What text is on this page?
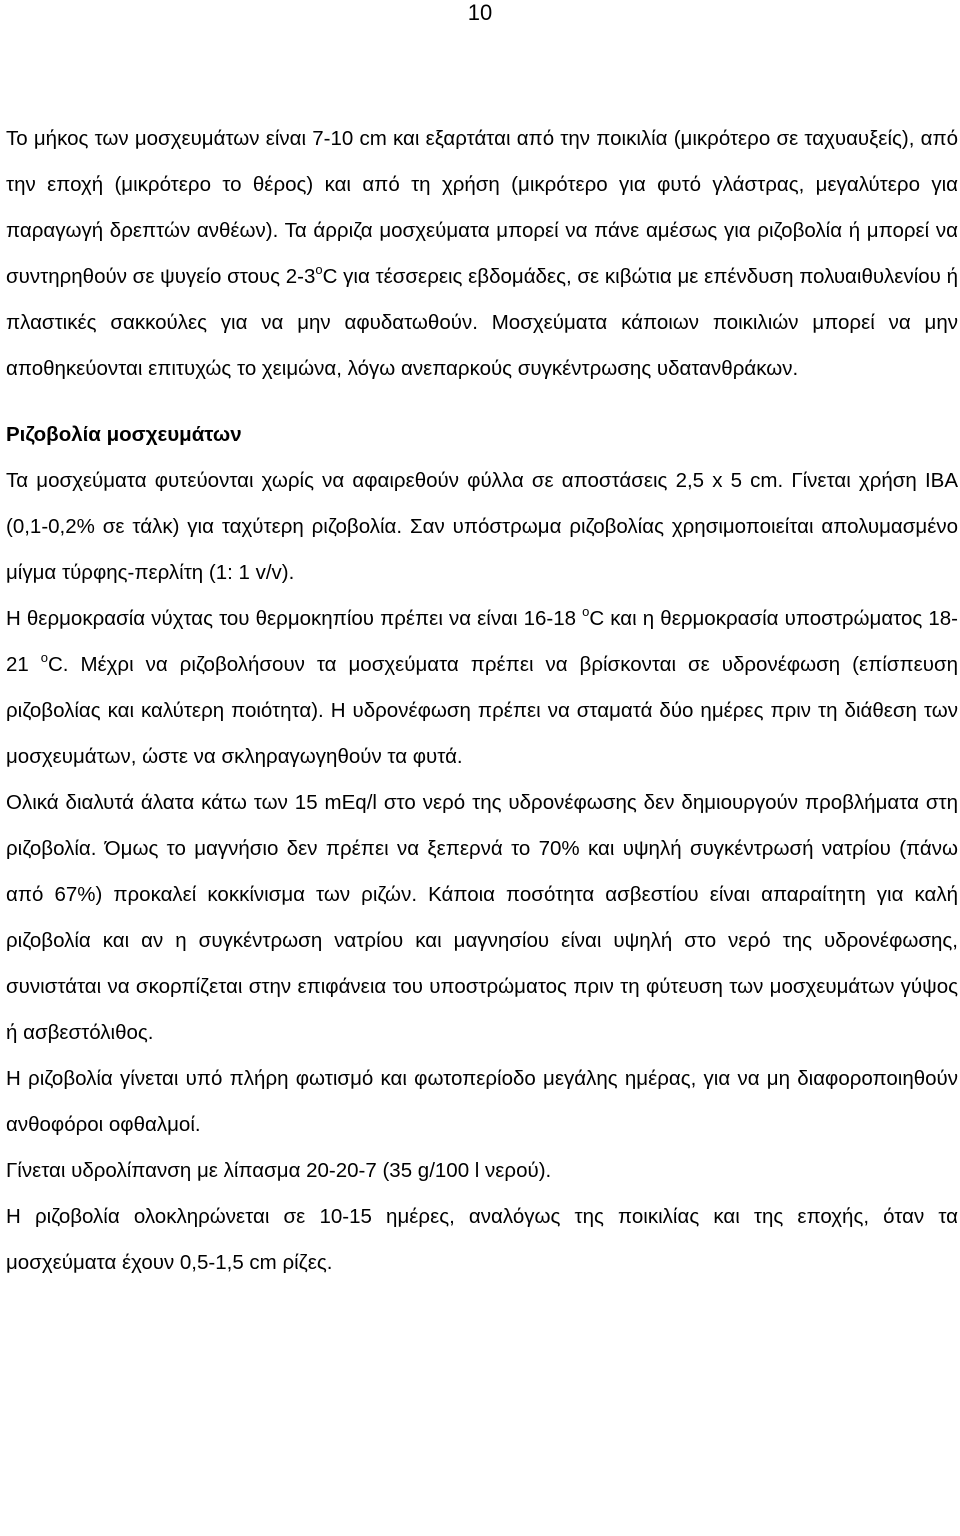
10

Το μήκος των μοσχευμάτων είναι 7-10 cm και εξαρτάται από την ποικιλία (μικρότερο σε ταχυαυξείς), από την εποχή (μικρότερο το θέρος) και από τη χρήση (μικρότερο για φυτό γλάστρας, μεγαλύτερο για παραγωγή δρεπτών ανθέων). Τα άρριζα μοσχεύματα μπορεί να πάνε αμέσως για ριζοβολία ή μπορεί να συντηρηθούν σε ψυγείο στους $2-3^oC$ για τέσσερεις εβδομάδες, σε κιβώτια με επένδυση πολυαιθυλενίου ή πλαστικές σακκούλες για να μην αφυδατωθούν. Μοσχεύματα κάποιων ποικιλιών μπορεί να μην αποθηκεύονται επιτυχώς το χειμώνα, λόγω ανεπαρκούς συγκέντρωσης υδατανθράκων.

Ριζοβολία μοσχευμάτων

Τα μοσχεύματα φυτεύονται χωρίς να αφαιρεθούν φύλλα σε αποστάσεις 2,5 x 5 cm. Γίνεται χρήση IBA (0,1-0,2% σε τάλκ) για ταχύτερη ριζοβολία. Σαν υπόστρωμα ριζοβολίας χρησιμοποιείται απολυμασμένο μίγμα τύρφης-περλίτη (1: 1 v/v).

Η θερμοκρασία νύχτας του θερμοκηπίου πρέπει να είναι 16-18 $^o$C και η θερμοκρασία υποστρώματος 18-21 $^o$C. Μέχρι να ριζοβολήσουν τα μοσχεύματα πρέπει να βρίσκονται σε υδρονέφωση (επίσπευση ριζοβολίας και καλύτερη ποιότητα). Η υδρονέφωση πρέπει να σταματά δύο ημέρες πριν τη διάθεση των μοσχευμάτων, ώστε να σκληραγωγηθούν τα φυτά.

Ολικά διαλυτά άλατα κάτω των 15 mEq/l στο νερό της υδρονέφωσης δεν δημιουργούν προβλήματα στη ριζοβολία. Όμως το μαγνήσιο δεν πρέπει να ξεπερνά το 70% και υψηλή συγκέντρωσή νατρίου (πάνω από 67%) προκαλεί κοκκίνισμα των ριζών. Κάποια ποσότητα ασβεστίου είναι απαραίτητη για καλή ριζοβολία και αν η συγκέντρωση νατρίου και μαγνησίου είναι υψηλή στο νερό της υδρονέφωσης, συνιστάται να σκορπίζεται στην επιφάνεια του υποστρώματος πριν τη φύτευση των μοσχευμάτων γύψος ή ασβεστόλιθος.

Η ριζοβολία γίνεται υπό πλήρη φωτισμό και φωτοπερίοδο μεγάλης ημέρας, για να μη διαφοροποιηθούν ανθοφόροι οφθαλμοί.

Γίνεται υδρολίπανση με λίπασμα 20-20-7 (35 g/100 l νερού).

Η ριζοβολία ολοκληρώνεται σε 10-15 ημέρες, αναλόγως της ποικιλίας και της εποχής, όταν τα μοσχεύματα έχουν 0,5-1,5 cm ρίζες.
